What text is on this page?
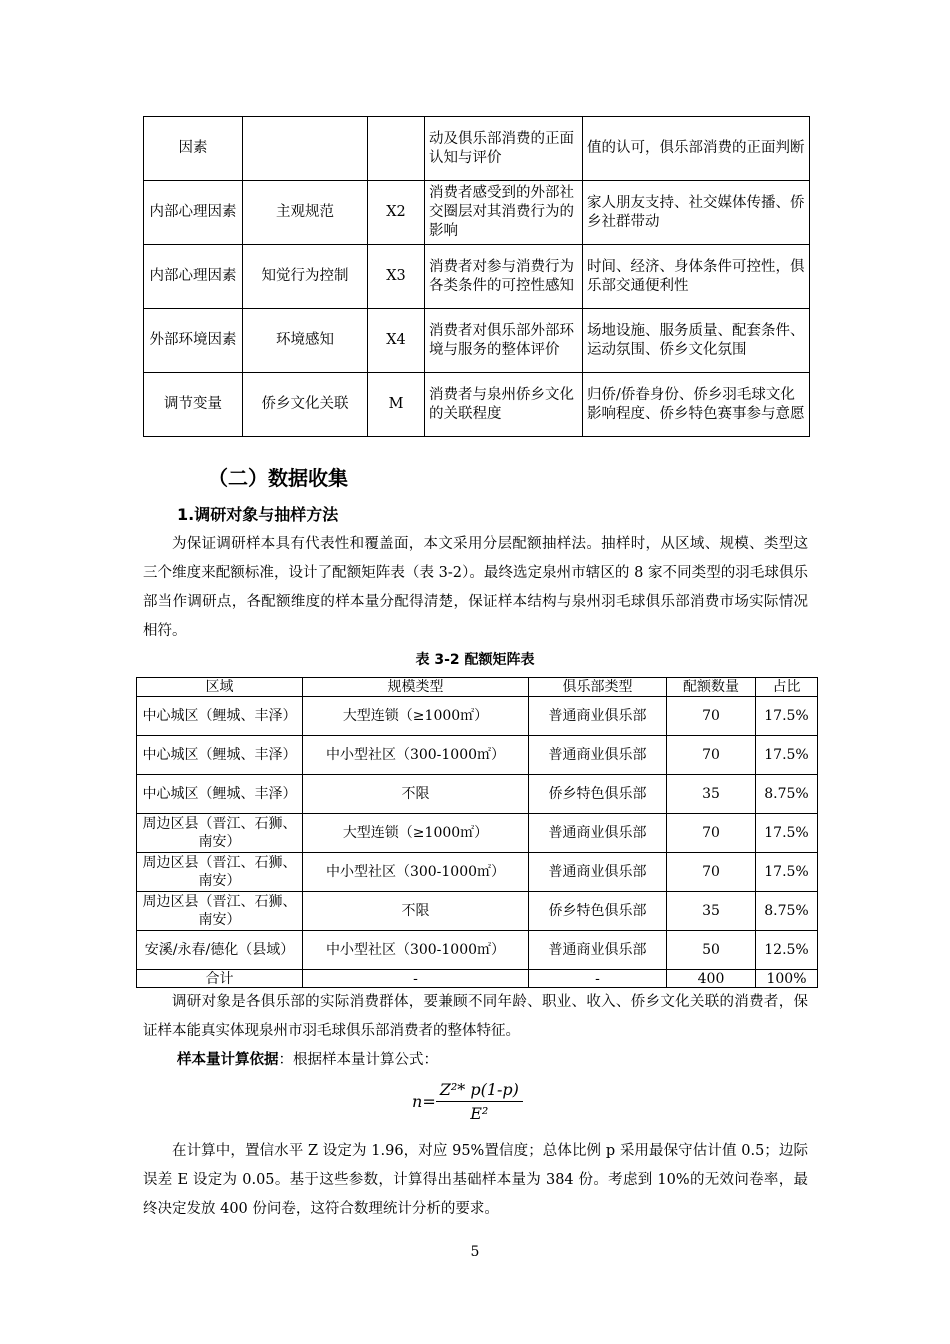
因素			动及俱乐部消费的正面认知与评价	值的认可，俱乐部消费的正面判断
内部心理因素	主观规范	X2	消费者感受到的外部社交圈层对其消费行为的影响	家人朋友支持、社交媒体传播、侨乡社群带动
内部心理因素	知觉行为控制	X3	消费者对参与消费行为各类条件的可控性感知	时间、经济、身体条件可控性，俱乐部交通便利性
外部环境因素	环境感知	X4	消费者对俱乐部外部环境与服务的整体评价	场地设施、服务质量、配套条件、运动氛围、侨乡文化氛围
调节变量	侨乡文化关联	M	消费者与泉州侨乡文化的关联程度	归侨/侨眷身份、侨乡羽毛球文化影响程度、侨乡特色赛事参与意愿
（二）数据收集
1.调研对象与抽样方法

为保证调研样本具有代表性和覆盖面，本文采用分层配额抽样法。抽样时，从区域、规模、类型这三个维度来配额标准，设计了配额矩阵表（表 3-2）。最终选定泉州市辖区的 8 家不同类型的羽毛球俱乐部当作调研点，各配额维度的样本量分配得清楚，保证样本结构与泉州羽毛球俱乐部消费市场实际情况相符。

表 3-2 配额矩阵表
区域	规模类型	俱乐部类型	配额数量	占比
中心城区（鲤城、丰泽）	大型连锁（≥1000㎡）	普通商业俱乐部	70	17.5%
中心城区（鲤城、丰泽）	中小型社区（300-1000㎡）	普通商业俱乐部	70	17.5%
中心城区（鲤城、丰泽）	不限	侨乡特色俱乐部	35	8.75%
周边区县（晋江、石狮、南安）	大型连锁（≥1000㎡）	普通商业俱乐部	70	17.5%
周边区县（晋江、石狮、南安）	中小型社区（300-1000㎡）	普通商业俱乐部	70	17.5%
周边区县（晋江、石狮、南安）	不限	侨乡特色俱乐部	35	8.75%
安溪/永春/德化（县域）	中小型社区（300-1000㎡）	普通商业俱乐部	50	12.5%
合计	-	-	400	100%

调研对象是各俱乐部的实际消费群体，要兼顾不同年龄、职业、收入、侨乡文化关联的消费者，保证样本能真实体现泉州市羽毛球俱乐部消费者的整体特征。

样本量计算依据：根据样本量计算公式：
$n= \frac{\text{Z²* p(1-p)}}{\text{E²}}$

在计算中，置信水平 Z 设定为 1.96，对应 95%置信度；总体比例 p 采用最保守估计值 0.5；边际误差 E 设定为 0.05。基于这些参数，计算得出基础样本量为 384 份。考虑到 10%的无效问卷率，最终决定发放 400 份问卷，这符合数理统计分析的要求。

5
